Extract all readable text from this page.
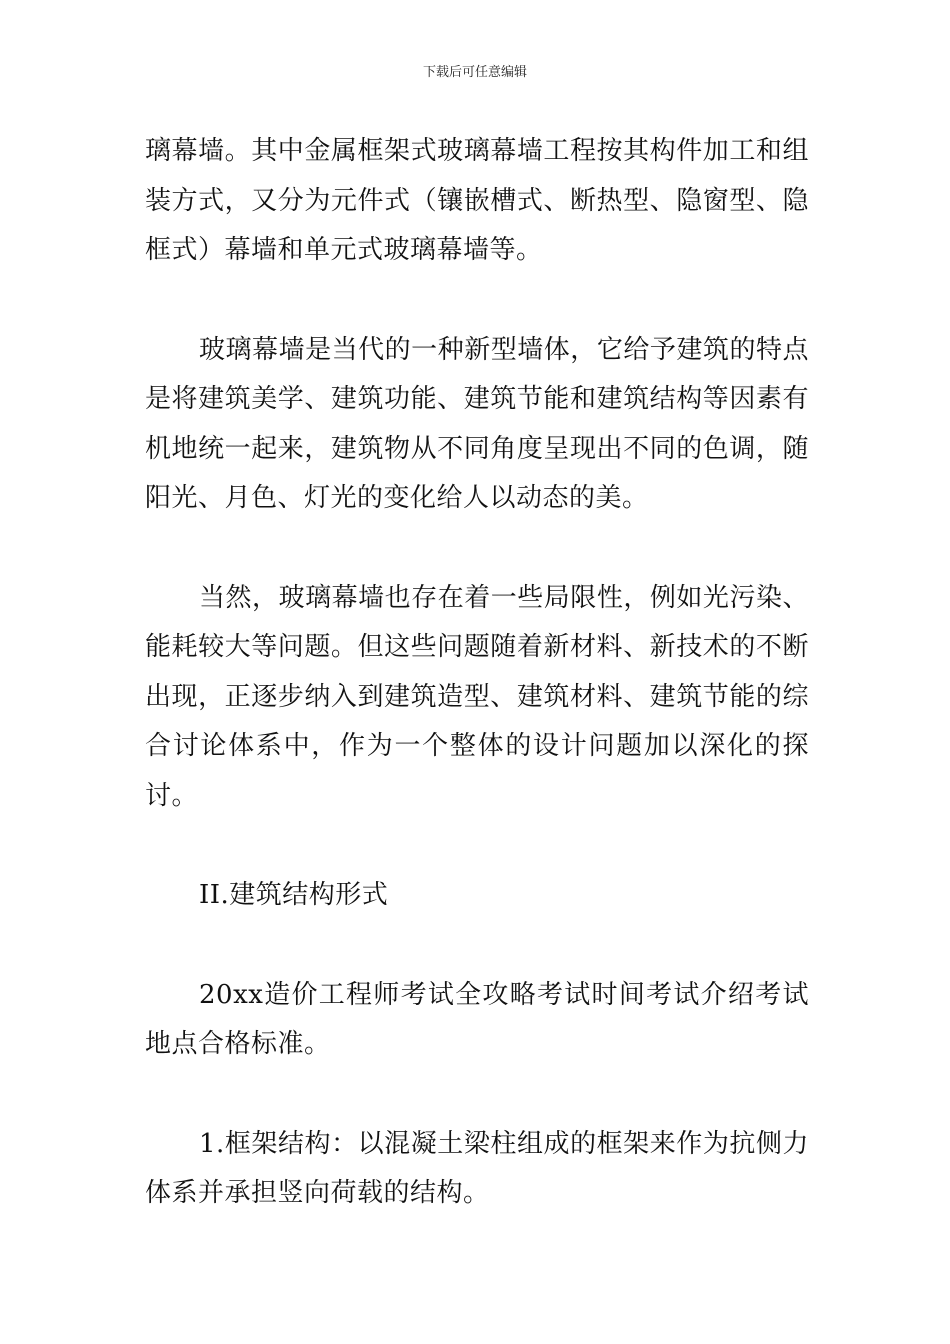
下载后可任意编辑

璃幕墙。其中金属框架式玻璃幕墙工程按其构件加工和组装方式，又分为元件式（镶嵌槽式、断热型、隐窗型、隐框式）幕墙和单元式玻璃幕墙等。

玻璃幕墙是当代的一种新型墙体，它给予建筑的特点是将建筑美学、建筑功能、建筑节能和建筑结构等因素有机地统一起来，建筑物从不同角度呈现出不同的色调，随阳光、月色、灯光的变化给人以动态的美。

当然，玻璃幕墙也存在着一些局限性，例如光污染、能耗较大等问题。但这些问题随着新材料、新技术的不断出现，正逐步纳入到建筑造型、建筑材料、建筑节能的综合讨论体系中，作为一个整体的设计问题加以深化的探讨。

II.建筑结构形式

20xx造价工程师考试全攻略考试时间考试介绍考试地点合格标准。

1.框架结构：以混凝土梁柱组成的框架来作为抗侧力体系并承担竖向荷载的结构。
